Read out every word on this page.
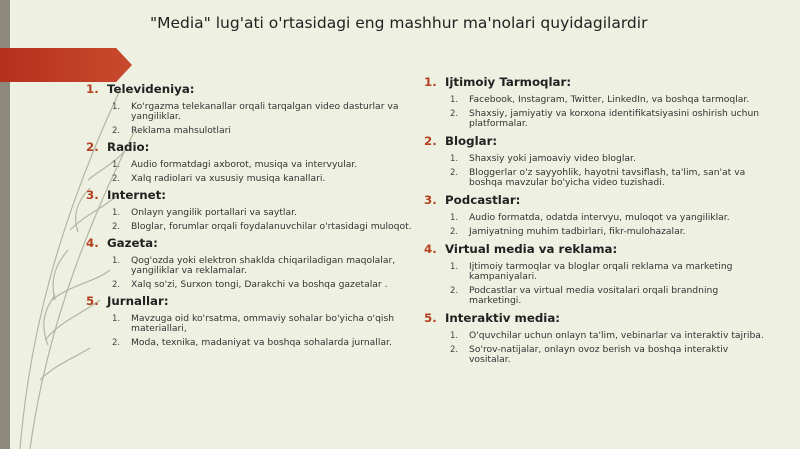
"Media" lug'ati o'rtasidagi eng mashhur ma'nolari quyidagilardir
1. Televideniya:
1.	Ko'rgazma telekanallar orqali tarqalgan video dasturlar va yangiliklar.
2.	Reklama mahsulotlari
2. Radio:
1.	Audio formatdagi axborot, musiqa va intervyular.
2.	Xalq radiolari va xususiy musiqa kanallari.
3. Internet:
1.	Onlayn yangilik portallari va saytlar.
2.	Bloglar, forumlar orqali foydalanuvchilar o'rtasidagi muloqot.
4. Gazeta:
1.	Qog'ozda yoki elektron shaklda chiqariladigan maqolalar, yangiliklar va reklamalar.
2.	Xalq so'zi, Surxon tongi, Darakchi va boshqa gazetalar .
5. Jurnallar:
1.	Mavzuga oid ko'rsatma, ommaviy sohalar bo'yicha o'qish materiallari,
2.	Moda, texnika, madaniyat va boshqa sohalarda jurnallar.
1. Ijtimoiy Tarmoqlar:
1.	Facebook, Instagram, Twitter, LinkedIn, va boshqa tarmoqlar.
2.	Shaxsiy, jamiyatiy va korxona identifikatsiyasini oshirish uchun platformalar.
2. Bloglar:
1.	Shaxsiy yoki jamoaviy video bloglar.
2.	Bloggerlar o'z sayyohlik, hayotni tavsiflash, ta'lim, san'at va boshqa mavzular bo'yicha video tuzishadi.
3. Podcastlar:
1.	Audio formatda, odatda intervyu, muloqot va yangiliklar.
2.	Jamiyatning muhim tadbirlari, fikr-mulohazalar.
4. Virtual media va reklama:
1.	Ijtimoiy tarmoqlar va bloglar orqali reklama va marketing kampaniyalari.
2.	Podcastlar va virtual media vositalari orqali brandning marketingi.
5. Interaktiv media:
1.	O'quvchilar uchun onlayn ta'lim, vebinarlar va interaktiv tajriba.
2.	So'rov-natijalar, onlayn ovoz berish va boshqa interaktiv vositalar.
